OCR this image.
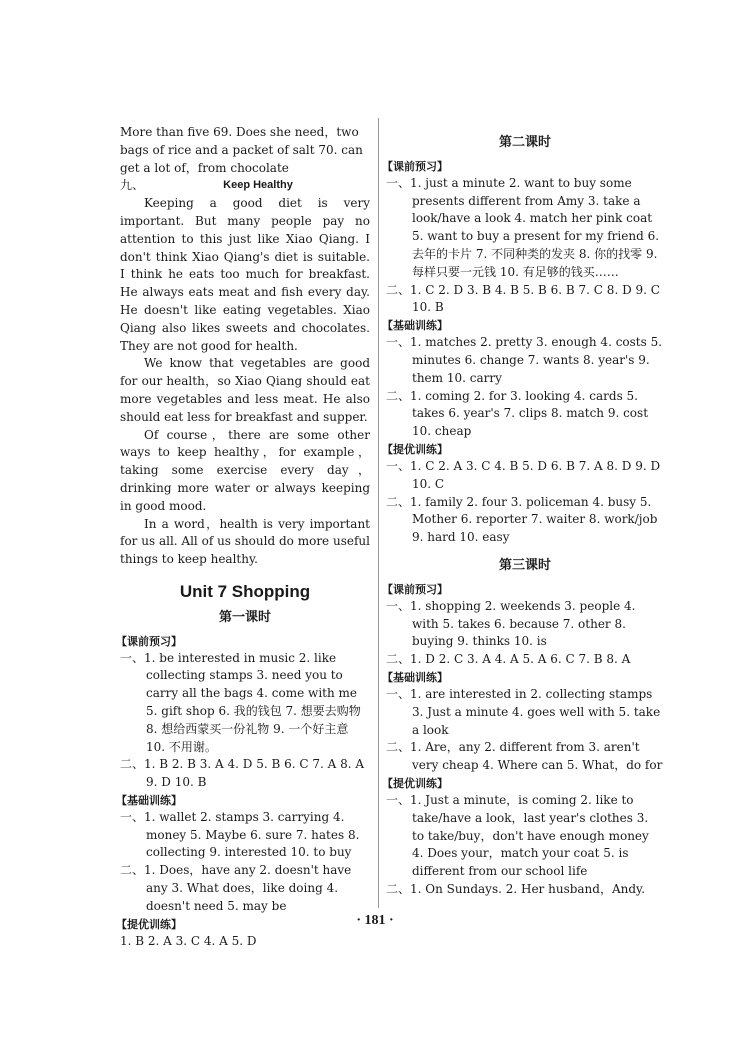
More than five 69. Does she need，two bags of rice and a packet of salt 70. can get a lot of，from chocolate

九、	Keep Healthy

Keeping a good diet is very important. But many people pay no attention to this just like Xiao Qiang. I don't think Xiao Qiang's diet is suitable. I think he eats too much for breakfast. He always eats meat and fish every day. He doesn't like eating vegetables. Xiao Qiang also likes sweets and chocolates. They are not good for health.

We know that vegetables are good for our health，so Xiao Qiang should eat more vegetables and less meat. He also should eat less for breakfast and supper.

Of course，there are some other ways to keep healthy，for example，taking some exercise every day，drinking more water or always keeping in good mood.

In a word，health is very important for us all. All of us should do more useful things to keep healthy.

Unit 7 Shopping
第一课时
【课前预习】

一、1. be interested in music 2. like collecting stamps 3. need you to carry all the bags 4. come with me 5. gift shop 6. 我的钱包 7. 想要去购物 8. 想给西蒙买一份礼物 9. 一个好主意 10. 不用谢。

二、1. B 2. B 3. A 4. D 5. B 6. C 7. A 8. A 9. D 10. B

【基础训练】

一、1. wallet 2. stamps 3. carrying 4. money 5. Maybe 6. sure 7. hates 8. collecting 9. interested 10. to buy

二、1. Does，have any 2. doesn't have any 3. What does，like doing 4. doesn't need 5. may be

【提优训练】

1. B 2. A 3. C 4. A 5. D

第二课时
【课前预习】

一、1. just a minute 2. want to buy some presents different from Amy 3. take a look/have a look 4. match her pink coat 5. want to buy a present for my friend 6. 去年的卡片 7. 不同种类的发夹 8. 你的找零 9. 每样只要一元钱 10. 有足够的钱买……

二、1. C 2. D 3. B 4. B 5. B 6. B 7. C 8. D 9. C 10. B

【基础训练】

一、1. matches 2. pretty 3. enough 4. costs 5. minutes 6. change 7. wants 8. year's 9. them 10. carry

二、1. coming 2. for 3. looking 4. cards 5. takes 6. year's 7. clips 8. match 9. cost 10. cheap

【提优训练】

一、1. C 2. A 3. C 4. B 5. D 6. B 7. A 8. D 9. D 10. C

二、1. family 2. four 3. policeman 4. busy 5. Mother 6. reporter 7. waiter 8. work/job 9. hard 10. easy

第三课时
【课前预习】

一、1. shopping 2. weekends 3. people 4. with 5. takes 6. because 7. other 8. buying 9. thinks 10. is

二、1. D 2. C 3. A 4. A 5. A 6. C 7. B 8. A

【基础训练】

一、1. are interested in 2. collecting stamps 3. Just a minute 4. goes well with 5. take a look

二、1. Are，any 2. different from 3. aren't very cheap 4. Where can 5. What，do for

【提优训练】

一、1. Just a minute，is coming 2. like to take/have a look，last year's clothes 3. to take/buy，don't have enough money 4. Does your，match your coat 5. is different from our school life

二、1. On Sundays. 2. Her husband，Andy.

· 181 ·
